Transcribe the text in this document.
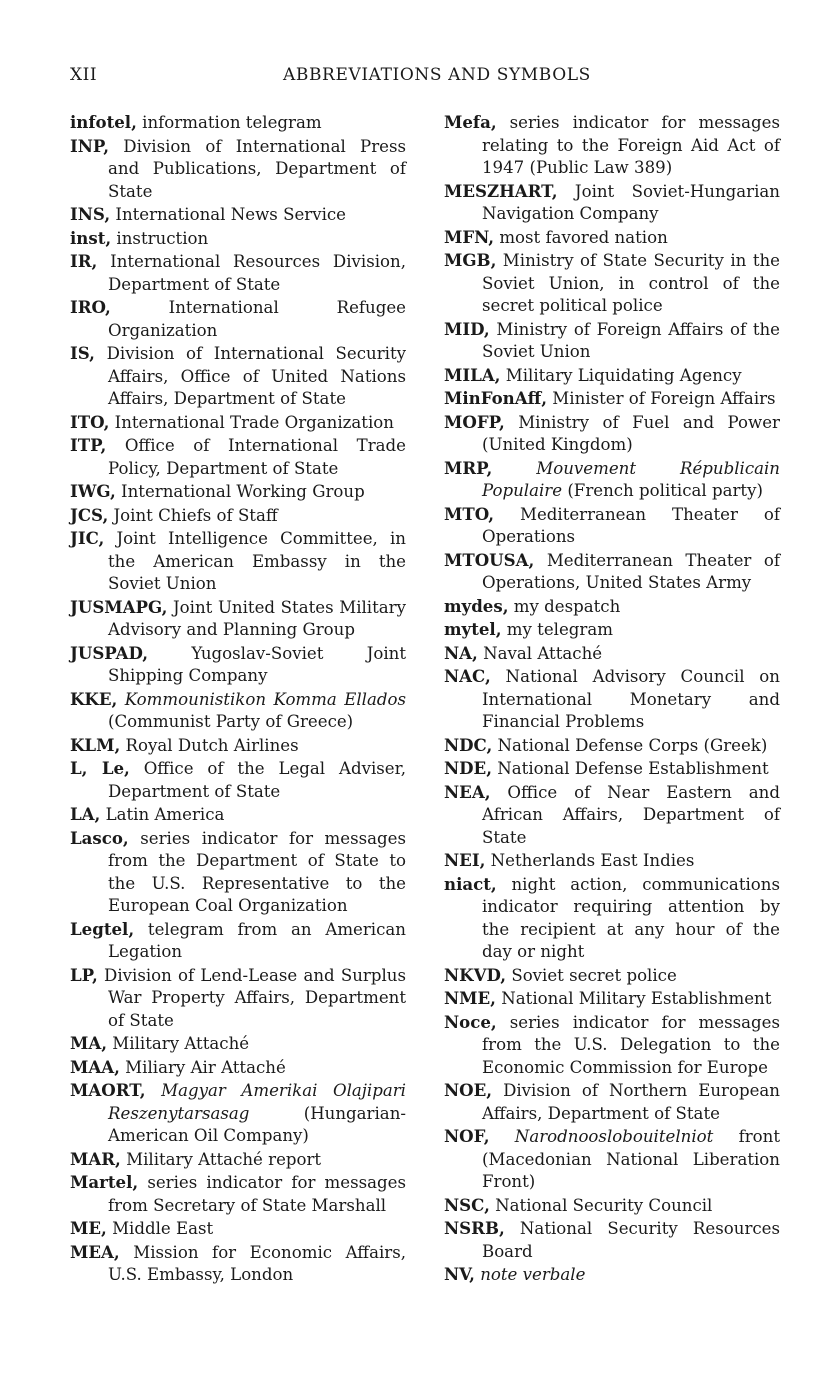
XII	ABBREVIATIONS AND SYMBOLS

infotel, information telegram

INP, Division of International Press and Publications, Department of State

INS, International News Service

inst, instruction

IR, International Resources Division, Department of State

IRO, International Refugee Organization

IS, Division of International Security Affairs, Office of United Nations Affairs, Department of State

ITO, International Trade Organization

ITP, Office of International Trade Policy, Department of State

IWG, International Working Group

JCS, Joint Chiefs of Staff

JIC, Joint Intelligence Committee, in the American Embassy in the Soviet Union

JUSMAPG, Joint United States Military Advisory and Planning Group

JUSPAD, Yugoslav-Soviet Joint Shipping Company

KKE, Kommounistikon Komma Ellados (Communist Party of Greece)

KLM, Royal Dutch Airlines

L, Le, Office of the Legal Adviser, Department of State

LA, Latin America

Lasco, series indicator for messages from the Department of State to the U.S. Representative to the European Coal Organization

Legtel, telegram from an American Legation

LP, Division of Lend-Lease and Surplus War Property Affairs, Department of State

MA, Military Attaché

MAA, Miliary Air Attaché

MAORT, Magyar Amerikai Olajipari Reszenytarsasag (Hungarian-American Oil Company)

MAR, Military Attaché report

Martel, series indicator for messages from Secretary of State Marshall

ME, Middle East

MEA, Mission for Economic Affairs, U.S. Embassy, London

Mefa, series indicator for messages relating to the Foreign Aid Act of 1947 (Public Law 389)

MESZHART, Joint Soviet-Hungarian Navigation Company

MFN, most favored nation

MGB, Ministry of State Security in the Soviet Union, in control of the secret political police

MID, Ministry of Foreign Affairs of the Soviet Union

MILA, Military Liquidating Agency

MinFonAff, Minister of Foreign Affairs

MOFP, Ministry of Fuel and Power (United Kingdom)

MRP,	Mouvement Républicain Populaire (French political party)

MTO, Mediterranean Theater of Operations

MTOUSA, Mediterranean Theater of Operations, United States Army

mydes, my despatch

mytel, my telegram

NA, Naval Attaché

NAC, National Advisory Council on International Monetary and Financial Problems

NDC, National Defense Corps (Greek)

NDE, National Defense Establishment

NEA, Office of Near Eastern and African Affairs, Department of State

NEI, Netherlands East Indies

niact, night action, communications indicator requiring attention by the recipient at any hour of the day or night

NKVD, Soviet secret police

NME, National Military Establishment

Noce, series indicator for messages from the U.S. Delegation to the Economic Commission for Europe

NOE, Division of Northern European Affairs, Department of State

NOF, Narodnooslobouitelniot front (Macedonian National Liberation Front)

NSC, National Security Council

NSRB, National Security Resources Board

NV, note verbale
